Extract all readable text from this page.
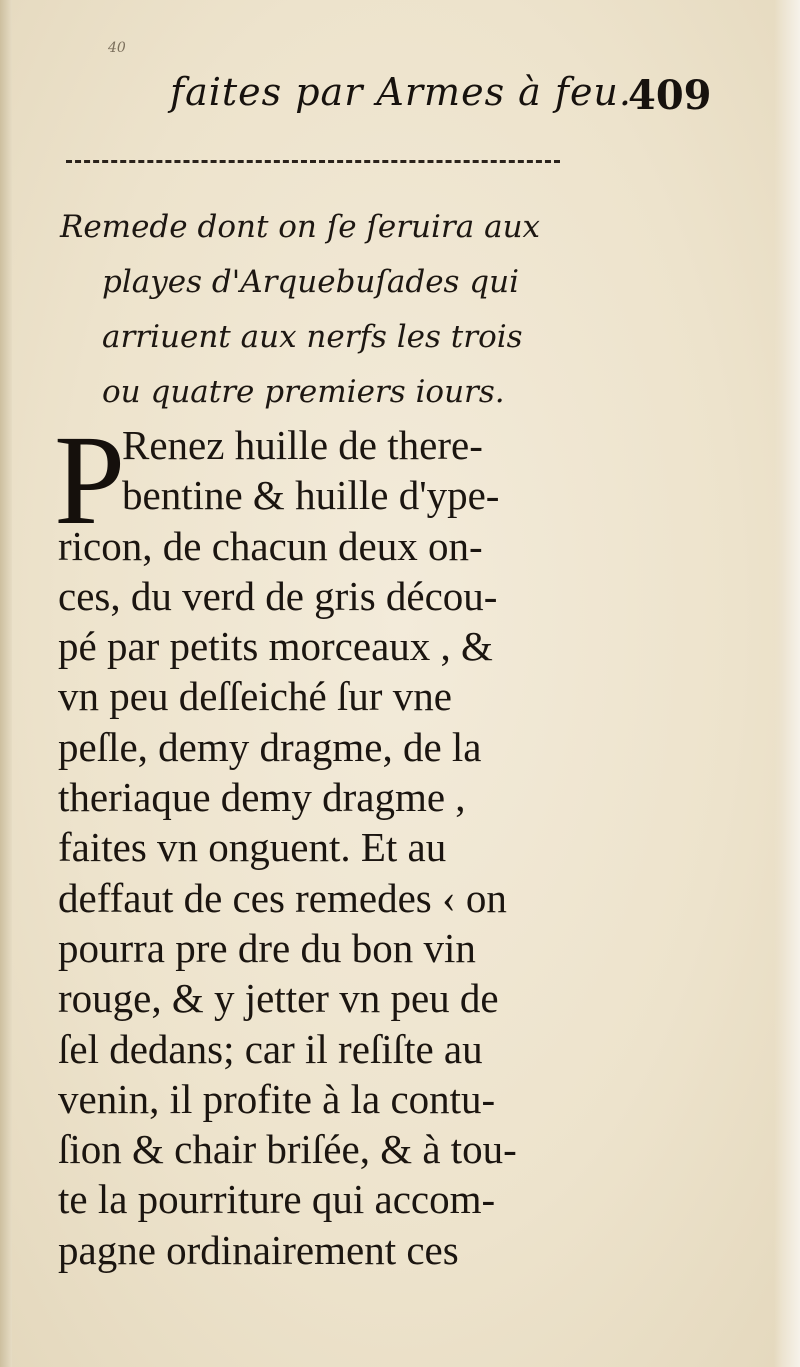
40
faites par Armes à feu.
409
Remede dont on ſe ſeruira aux
playes d'Arquebuſades qui
arriuent aux nerfs les trois
ou quatre premiers iours.
P
Renez huille de there-
bentine & huille d'ype-
ricon, de chacun deux on-
ces, du verd de gris décou-
pé par petits morceaux , &
vn peu deſſeiché ſur vne
peſle, demy dragme, de la
theriaque demy dragme ,
faites vn onguent. Et au
deffaut de ces remedes ‹ on
pourra pre dre du bon vin
rouge, & y jetter vn peu de
ſel dedans; car il reſiſte au
venin, il profite à la contu-
ſion & chair briſée, & à tou-
te la pourriture qui accom-
pagne ordinairement ces
